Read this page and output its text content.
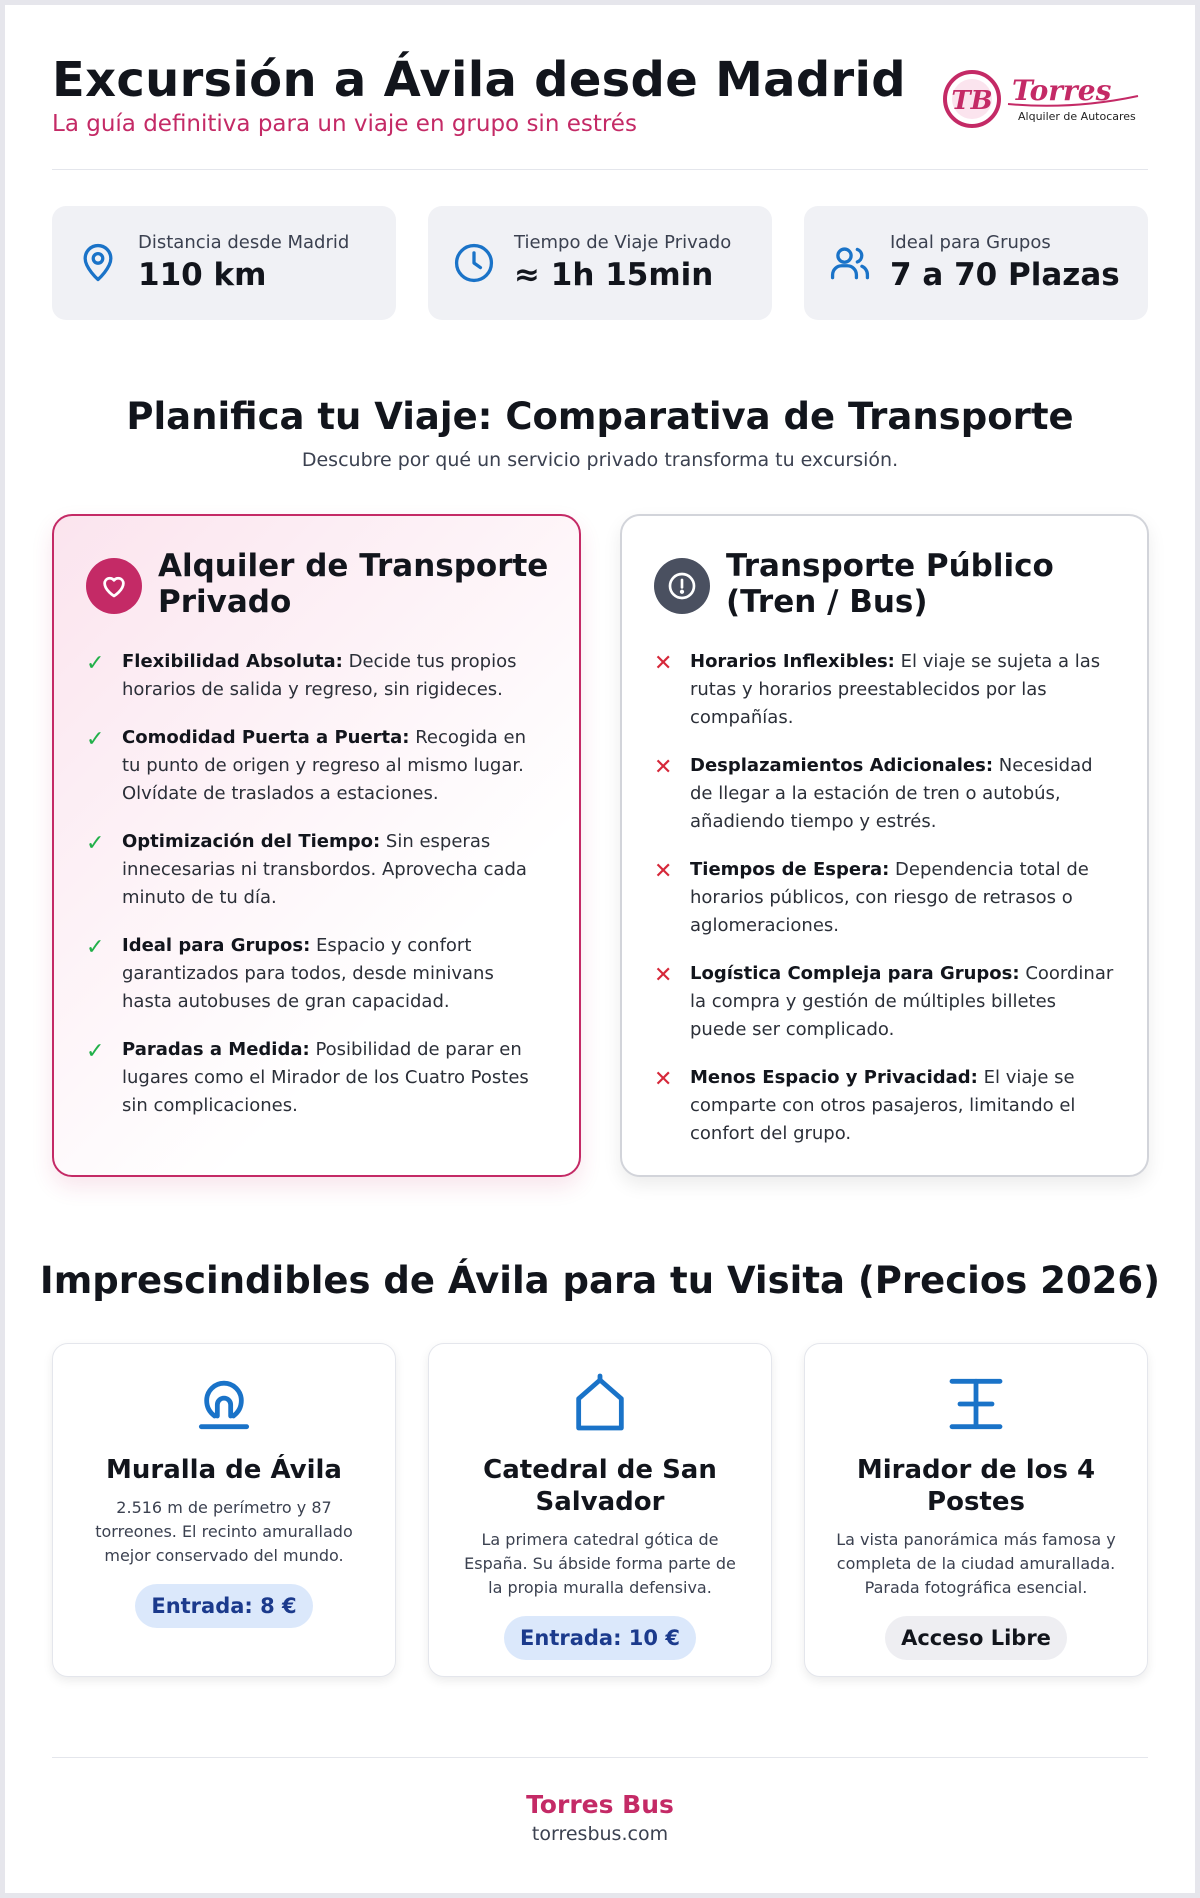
Excursión a Ávila desde Madrid
La guía definitiva para un viaje en grupo sin estrés
TB Torres
Alquiler de Autocares
Distancia desde Madrid
110 km
Tiempo de Viaje Privado
≈ 1h 15min
Ideal para Grupos
7 a 70 Plazas
Planifica tu Viaje: Comparativa de Transporte
Descubre por qué un servicio privado transforma tu excursión.
Alquiler de Transporte Privado
✓ Flexibilidad Absoluta: Decide tus propios horarios de salida y regreso, sin rigideces.
✓ Comodidad Puerta a Puerta: Recogida en tu punto de origen y regreso al mismo lugar. Olvídate de traslados a estaciones.
✓ Optimización del Tiempo: Sin esperas innecesarias ni transbordos. Aprovecha cada minuto de tu día.
✓ Ideal para Grupos: Espacio y confort garantizados para todos, desde minivans hasta autobuses de gran capacidad.
✓ Paradas a Medida: Posibilidad de parar en lugares como el Mirador de los Cuatro Postes sin complicaciones.
Transporte Público (Tren / Bus)
✕ Horarios Inflexibles: El viaje se sujeta a las rutas y horarios preestablecidos por las compañías.
✕ Desplazamientos Adicionales: Necesidad de llegar a la estación de tren o autobús, añadiendo tiempo y estrés.
✕ Tiempos de Espera: Dependencia total de horarios públicos, con riesgo de retrasos o aglomeraciones.
✕ Logística Compleja para Grupos: Coordinar la compra y gestión de múltiples billetes puede ser complicado.
✕ Menos Espacio y Privacidad: El viaje se comparte con otros pasajeros, limitando el confort del grupo.
Imprescindibles de Ávila para tu Visita (Precios 2026)
Muralla de Ávila

2.516 m de perímetro y 87 torreones. El recinto amurallado mejor conservado del mundo.

Entrada: 8 €
Catedral de San Salvador

La primera catedral gótica de España. Su ábside forma parte de la propia muralla defensiva.

Entrada: 10 €
Mirador de los 4 Postes

La vista panorámica más famosa y completa de la ciudad amurallada. Parada fotográfica esencial.

Acceso Libre
Torres Bus
torresbus.com
